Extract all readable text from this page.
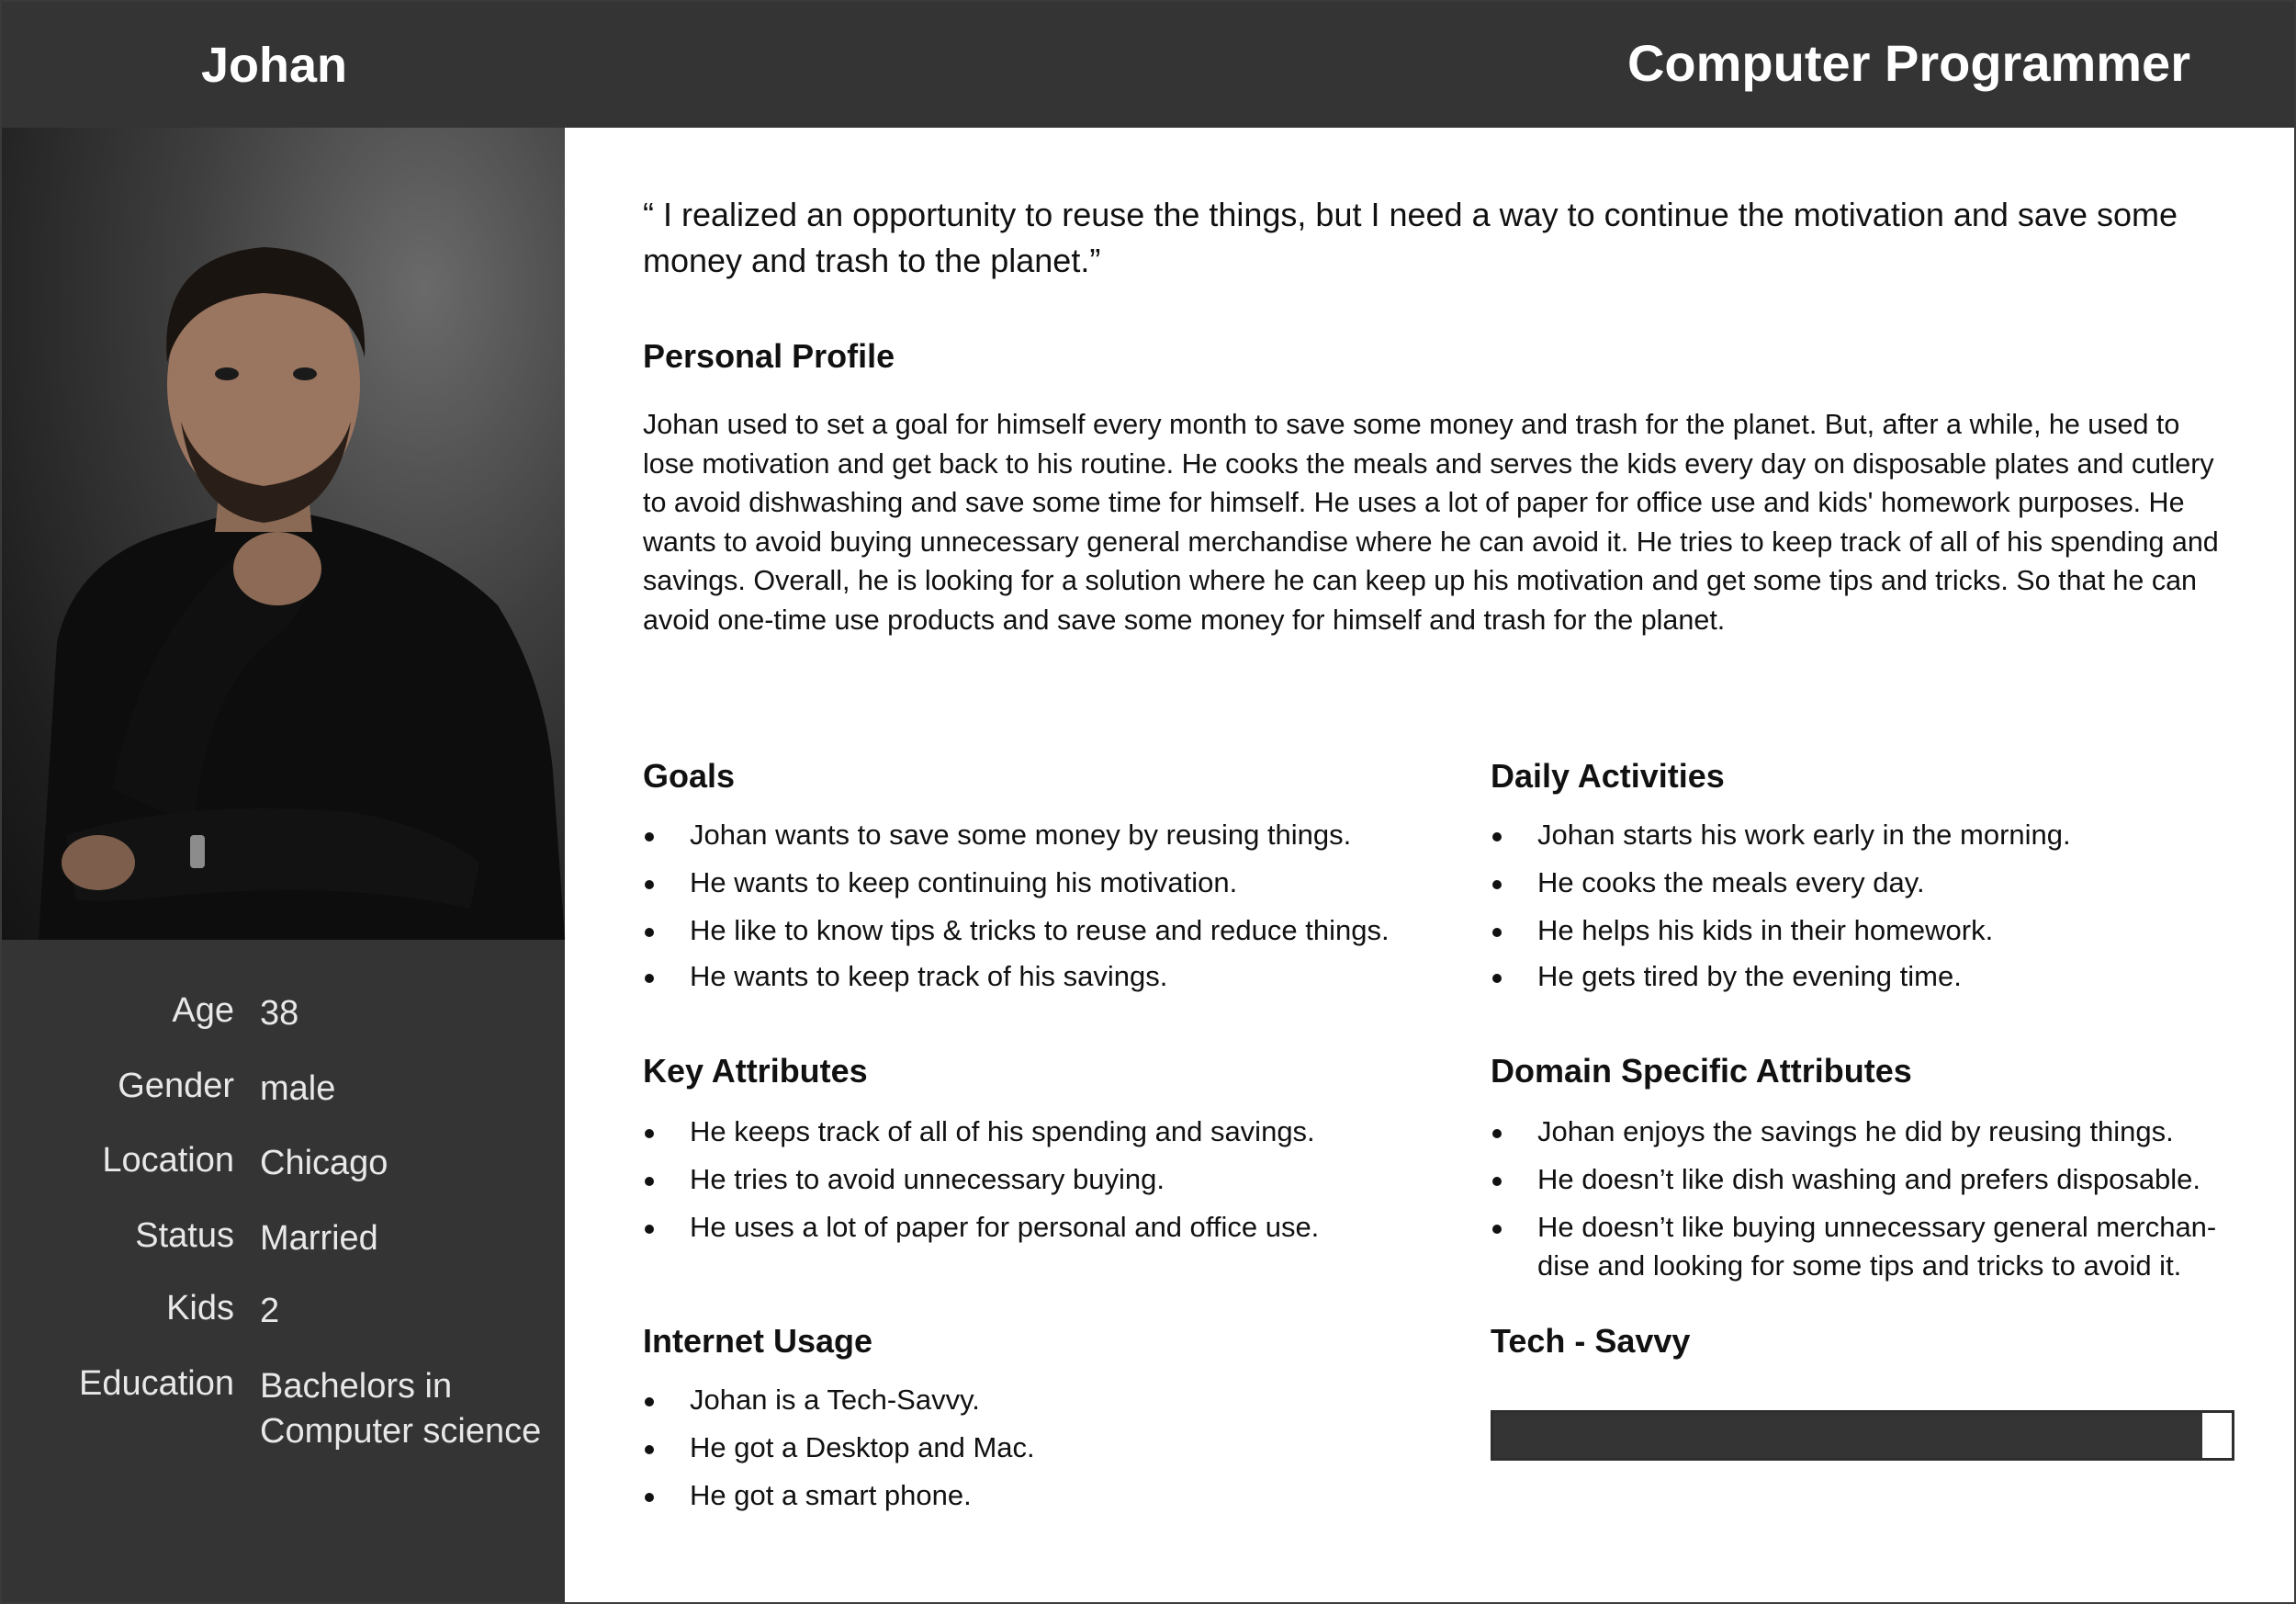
Johan	Computer Programmer
Age 38
Gender male
Location Chicago
Status Married
Kids 2
Education Bachelors in
Computer science
“ I realized an opportunity to reuse the things, but I need a way to continue the motivation and save some money and trash to the planet.”
Personal Profile
Johan used to set a goal for himself every month to save some money and trash for the planet. But, after a while, he used to lose motivation and get back to his routine. He cooks the meals and serves the kids every day on disposable plates and cutlery to avoid dishwashing and save some time for himself. He uses a lot of paper for office use and kids' homework purposes. He wants to avoid buying unnecessary general merchandise where he can avoid it. He tries to keep track of all of his spending and savings. Overall, he is looking for a solution where he can keep up his motivation and get some tips and tricks. So that he can avoid one-time use products and save some money for himself and trash for the planet.
Goals
Johan wants to save some money by reusing things.
He wants to keep continuing his motivation.
He like to know tips & tricks to reuse and reduce things.
He wants to keep track of his savings.
Daily Activities
Johan starts his work early in the morning.
He cooks the meals every day.
He helps his kids in their homework.
He gets tired by the evening time.
Key Attributes
He keeps track of all of his spending and savings.
He tries to avoid unnecessary buying.
He uses a lot of paper for personal and office use.
Domain Specific Attributes
Johan enjoys the savings he did by reusing things.
He doesn’t like dish washing and prefers disposable.
He doesn’t like buying unnecessary general merchan-dise and looking for some tips and tricks to avoid it.
Internet Usage
Johan is a Tech-Savvy.
He got a Desktop and Mac.
He got a smart phone.
Tech - Savvy
